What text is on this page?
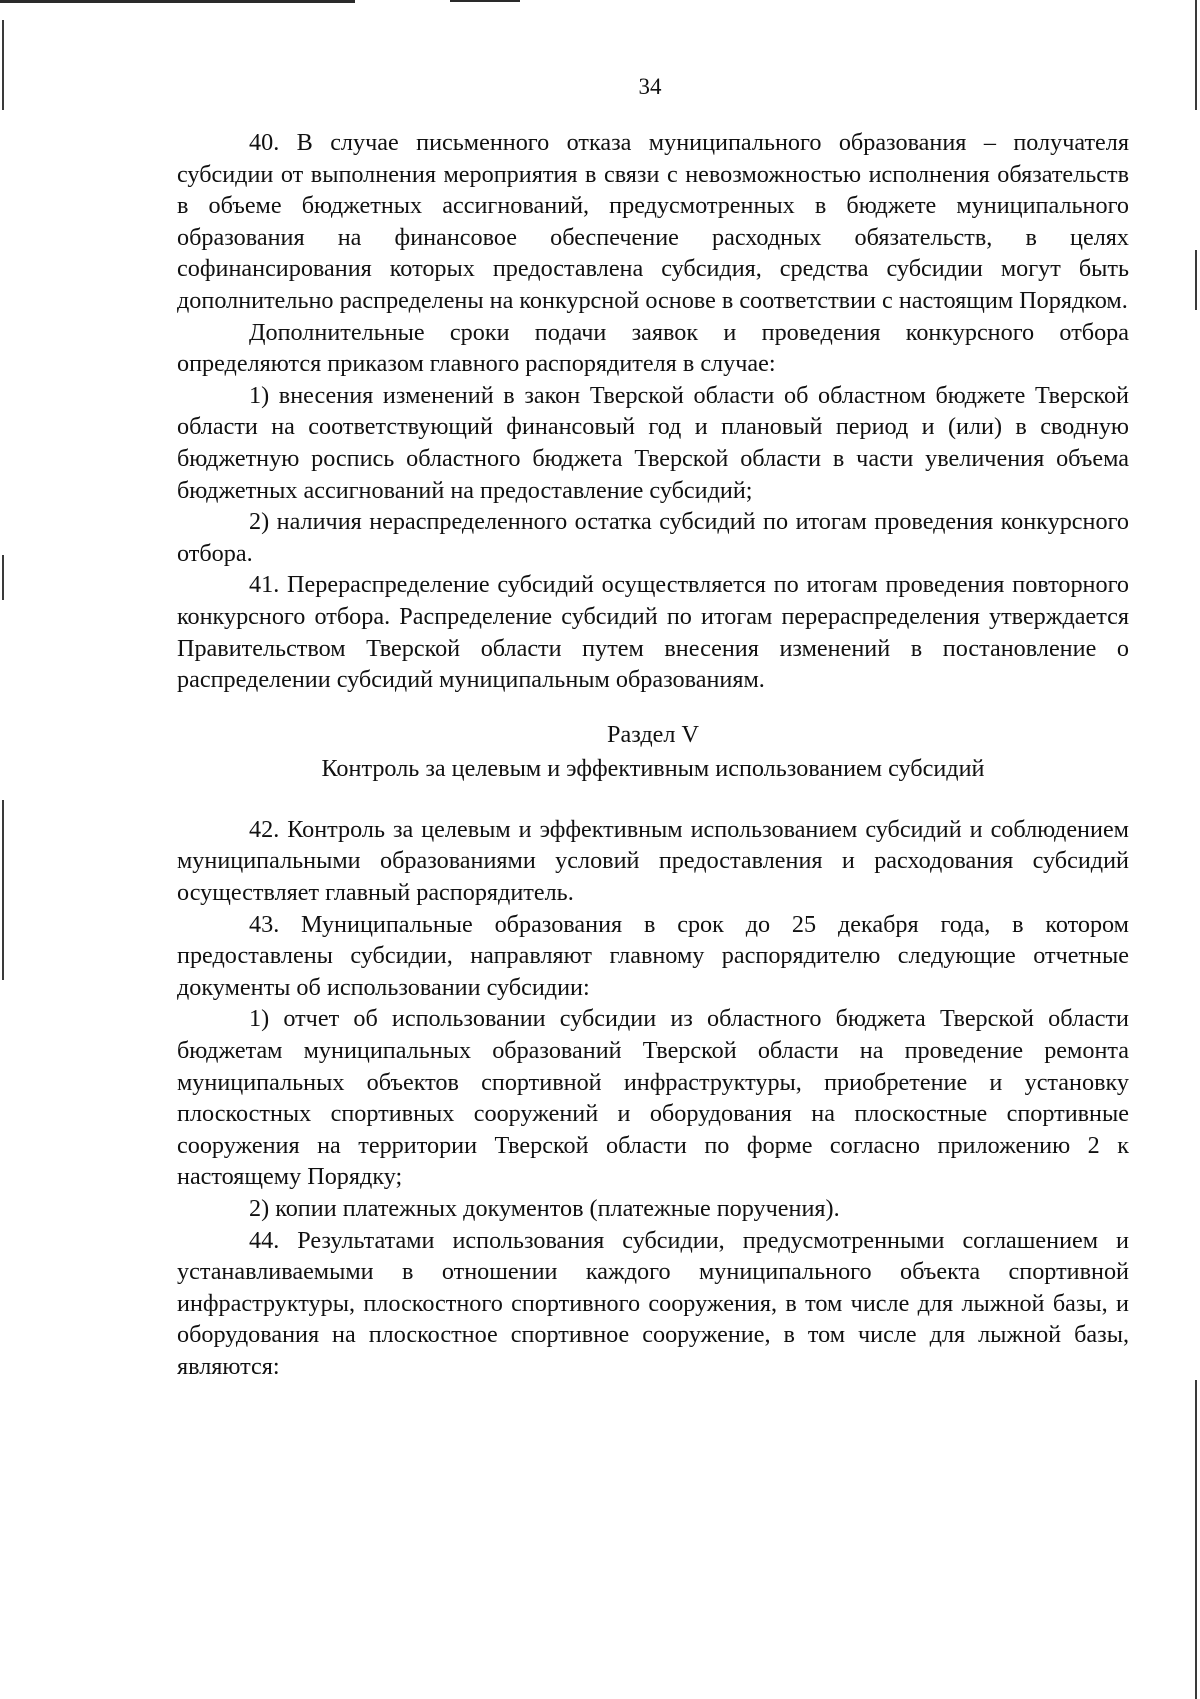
34

40. В случае письменного отказа муниципального образования – получателя субсидии от выполнения мероприятия в связи с невозможностью исполнения обязательств в объеме бюджетных ассигнований, предусмотренных в бюджете муниципального образования на финансовое обеспечение расходных обязательств, в целях софинансирования которых предоставлена субсидия, средства субсидии могут быть дополнительно распределены на конкурсной основе в соответствии с настоящим Порядком.

Дополнительные сроки подачи заявок и проведения конкурсного отбора определяются приказом главного распорядителя в случае:

1) внесения изменений в закон Тверской области об областном бюджете Тверской области на соответствующий финансовый год и плановый период и (или) в сводную бюджетную роспись областного бюджета Тверской области в части увеличения объема бюджетных ассигнований на предоставление субсидий;

2) наличия нераспределенного остатка субсидий по итогам проведения конкурсного отбора.

41. Перераспределение субсидий осуществляется по итогам проведения повторного конкурсного отбора. Распределение субсидий по итогам перераспределения утверждается Правительством Тверской области путем внесения изменений в постановление о распределении субсидий муниципальным образованиям.

Раздел V

Контроль за целевым и эффективным использованием субсидий

42. Контроль за целевым и эффективным использованием субсидий и соблюдением муниципальными образованиями условий предоставления и расходования субсидий осуществляет главный распорядитель.

43. Муниципальные образования в срок до 25 декабря года, в котором предоставлены субсидии, направляют главному распорядителю следующие отчетные документы об использовании субсидии:

1) отчет об использовании субсидии из областного бюджета Тверской области бюджетам муниципальных образований Тверской области на проведение ремонта муниципальных объектов спортивной инфраструктуры, приобретение и установку плоскостных спортивных сооружений и оборудования на плоскостные спортивные сооружения на территории Тверской области по форме согласно приложению 2 к настоящему Порядку;

2) копии платежных документов (платежные поручения).

44. Результатами использования субсидии, предусмотренными соглашением и устанавливаемыми в отношении каждого муниципального объекта спортивной инфраструктуры, плоскостного спортивного сооружения, в том числе для лыжной базы, и оборудования на плоскостное спортивное сооружение, в том числе для лыжной базы, являются:
